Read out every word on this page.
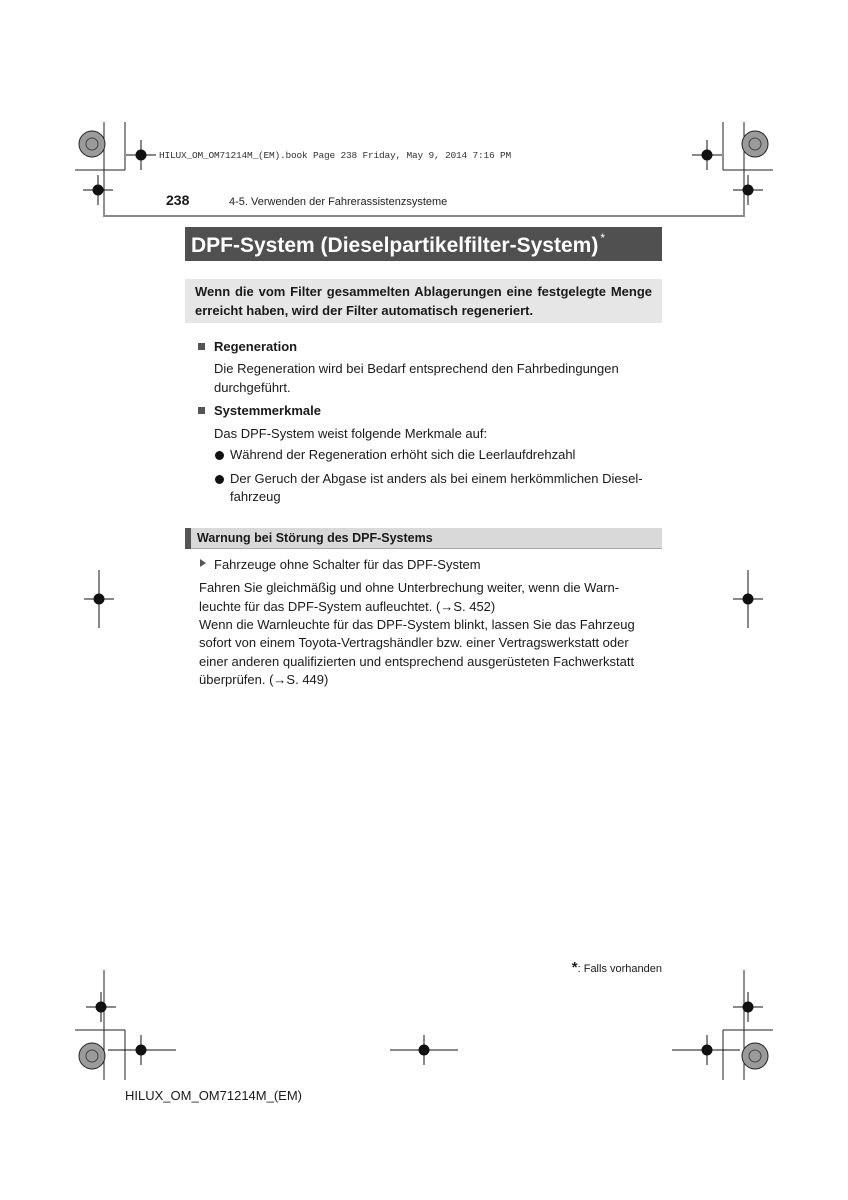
HILUX_OM_OM71214M_(EM).book Page 238 Friday, May 9, 2014 7:16 PM
238	4-5. Verwenden der Fahrerassistenzsysteme
DPF-System (Dieselpartikelfilter-System) *
Wenn die vom Filter gesammelten Ablagerungen eine festgelegte Menge erreicht haben, wird der Filter automatisch regeneriert.
Regeneration
Die Regeneration wird bei Bedarf entsprechend den Fahrbedingungen
durchgeführt.
Systemmerkmale
Das DPF-System weist folgende Merkmale auf:
Während der Regeneration erhöht sich die Leerlaufdrehzahl
Der Geruch der Abgase ist anders als bei einem herkömmlichen Diesel-
fahrzeug
Warnung bei Störung des DPF-Systems
Fahrzeuge ohne Schalter für das DPF-System
Fahren Sie gleichmäßig und ohne Unterbrechung weiter, wenn die Warn-
leuchte für das DPF-System aufleuchtet. (→S. 452)
Wenn die Warnleuchte für das DPF-System blinkt, lassen Sie das Fahrzeug
sofort von einem Toyota-Vertragshändler bzw. einer Vertragswerkstatt oder
einer anderen qualifizierten und entsprechend ausgerüsteten Fachwerkstatt
überprüfen. (→S. 449)
*: Falls vorhanden
HILUX_OM_OM71214M_(EM)
